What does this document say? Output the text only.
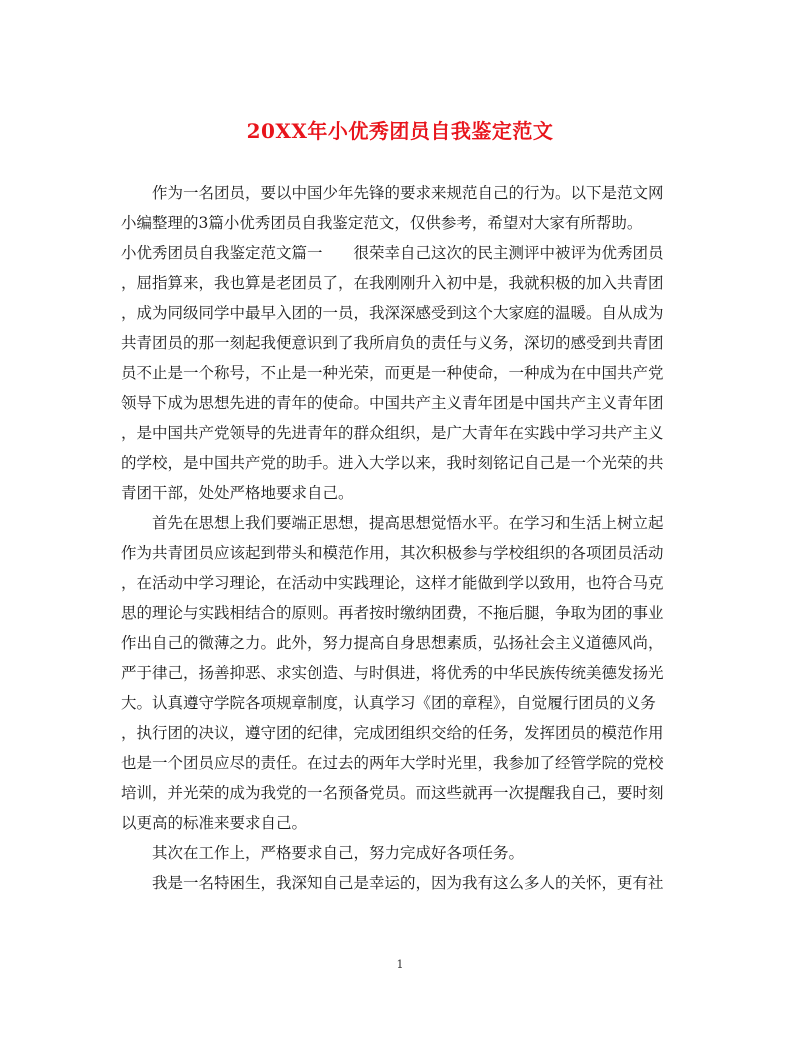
20XX年小优秀团员自我鉴定范文
作为一名团员，要以中国少年先锋的要求来规范自己的行为。以下是范文网
小编整理的3篇小优秀团员自我鉴定范文，仅供参考，希望对大家有所帮助。
小优秀团员自我鉴定范文篇一　　很荣幸自己这次的民主测评中被评为优秀团员
，屈指算来，我也算是老团员了，在我刚刚升入初中是，我就积极的加入共青团
，成为同级同学中最早入团的一员，我深深感受到这个大家庭的温暖。自从成为
共青团员的那一刻起我便意识到了我所肩负的责任与义务，深切的感受到共青团
员不止是一个称号，不止是一种光荣，而更是一种使命，一种成为在中国共产党
领导下成为思想先进的青年的使命。中国共产主义青年团是中国共产主义青年团
，是中国共产党领导的先进青年的群众组织，是广大青年在实践中学习共产主义
的学校，是中国共产党的助手。进入大学以来，我时刻铭记自己是一个光荣的共
青团干部，处处严格地要求自己。
首先在思想上我们要端正思想，提高思想觉悟水平。在学习和生活上树立起
作为共青团员应该起到带头和模范作用，其次积极参与学校组织的各项团员活动
，在活动中学习理论，在活动中实践理论，这样才能做到学以致用，也符合马克
思的理论与实践相结合的原则。再者按时缴纳团费，不拖后腿，争取为团的事业
作出自己的微薄之力。此外，努力提高自身思想素质，弘扬社会主义道德风尚，
严于律己，扬善抑恶、求实创造、与时俱进，将优秀的中华民族传统美德发扬光
大。认真遵守学院各项规章制度，认真学习《团的章程》，自觉履行团员的义务
，执行团的决议，遵守团的纪律，完成团组织交给的任务，发挥团员的模范作用
也是一个团员应尽的责任。在过去的两年大学时光里，我参加了经管学院的党校
培训，并光荣的成为我党的一名预备党员。而这些就再一次提醒我自己，要时刻
以更高的标准来要求自己。
其次在工作上，严格要求自己，努力完成好各项任务。
我是一名特困生，我深知自己是幸运的，因为我有这么多人的关怀，更有社
1
